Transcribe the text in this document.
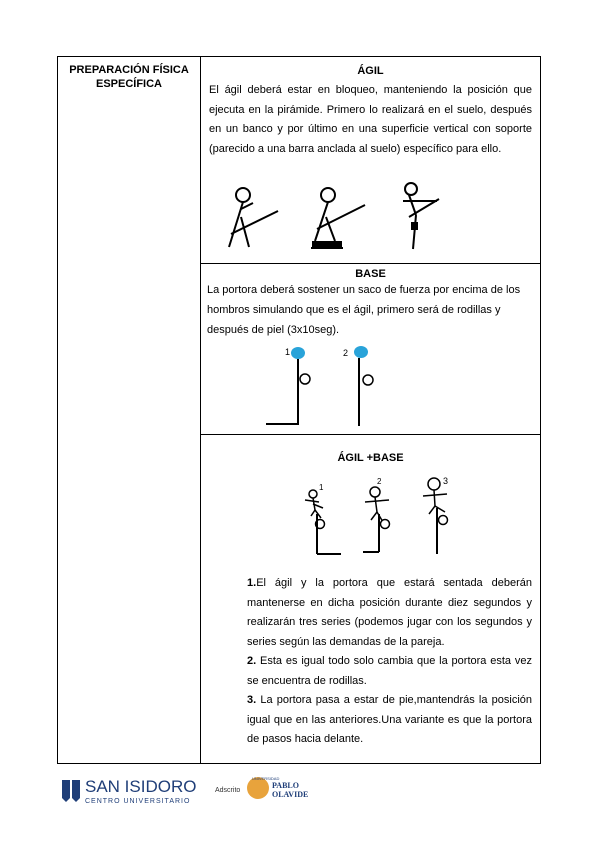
PREPARACIÓN FÍSICA ESPECÍFICA

ÁGIL
El ágil deberá estar en bloqueo, manteniendo la posición que ejecuta en la pirámide. Primero lo realizará en el suelo, después en un banco y por último en una superficie vertical con soporte (parecido a una barra anclada al suelo) específico para ello.

BASE
La portora deberá sostener un saco de fuerza por encima de los hombros simulando que es el ágil, primero será de rodillas y después de piel (3x10seg).
1	2

ÁGIL +BASE
1
2	3
1.El ágil y la portora que estará sentada deberán mantenerse en dicha posición durante diez segundos y realizarán tres series (podemos jugar con los segundos y series según las demandas de la pareja.
2. Esta es igual todo solo cambia que la portora esta vez se encuentra de rodillas.
3. La portora pasa a estar de pie,mantendrás la posición igual que en las anteriores.Una variante es que la portora de pasos hacia delante.
SAN ISIDORO
CENTRO UNIVERSITARIO
Adscrito
UNIVERSIDAD
PABLO
OLAVIDE
